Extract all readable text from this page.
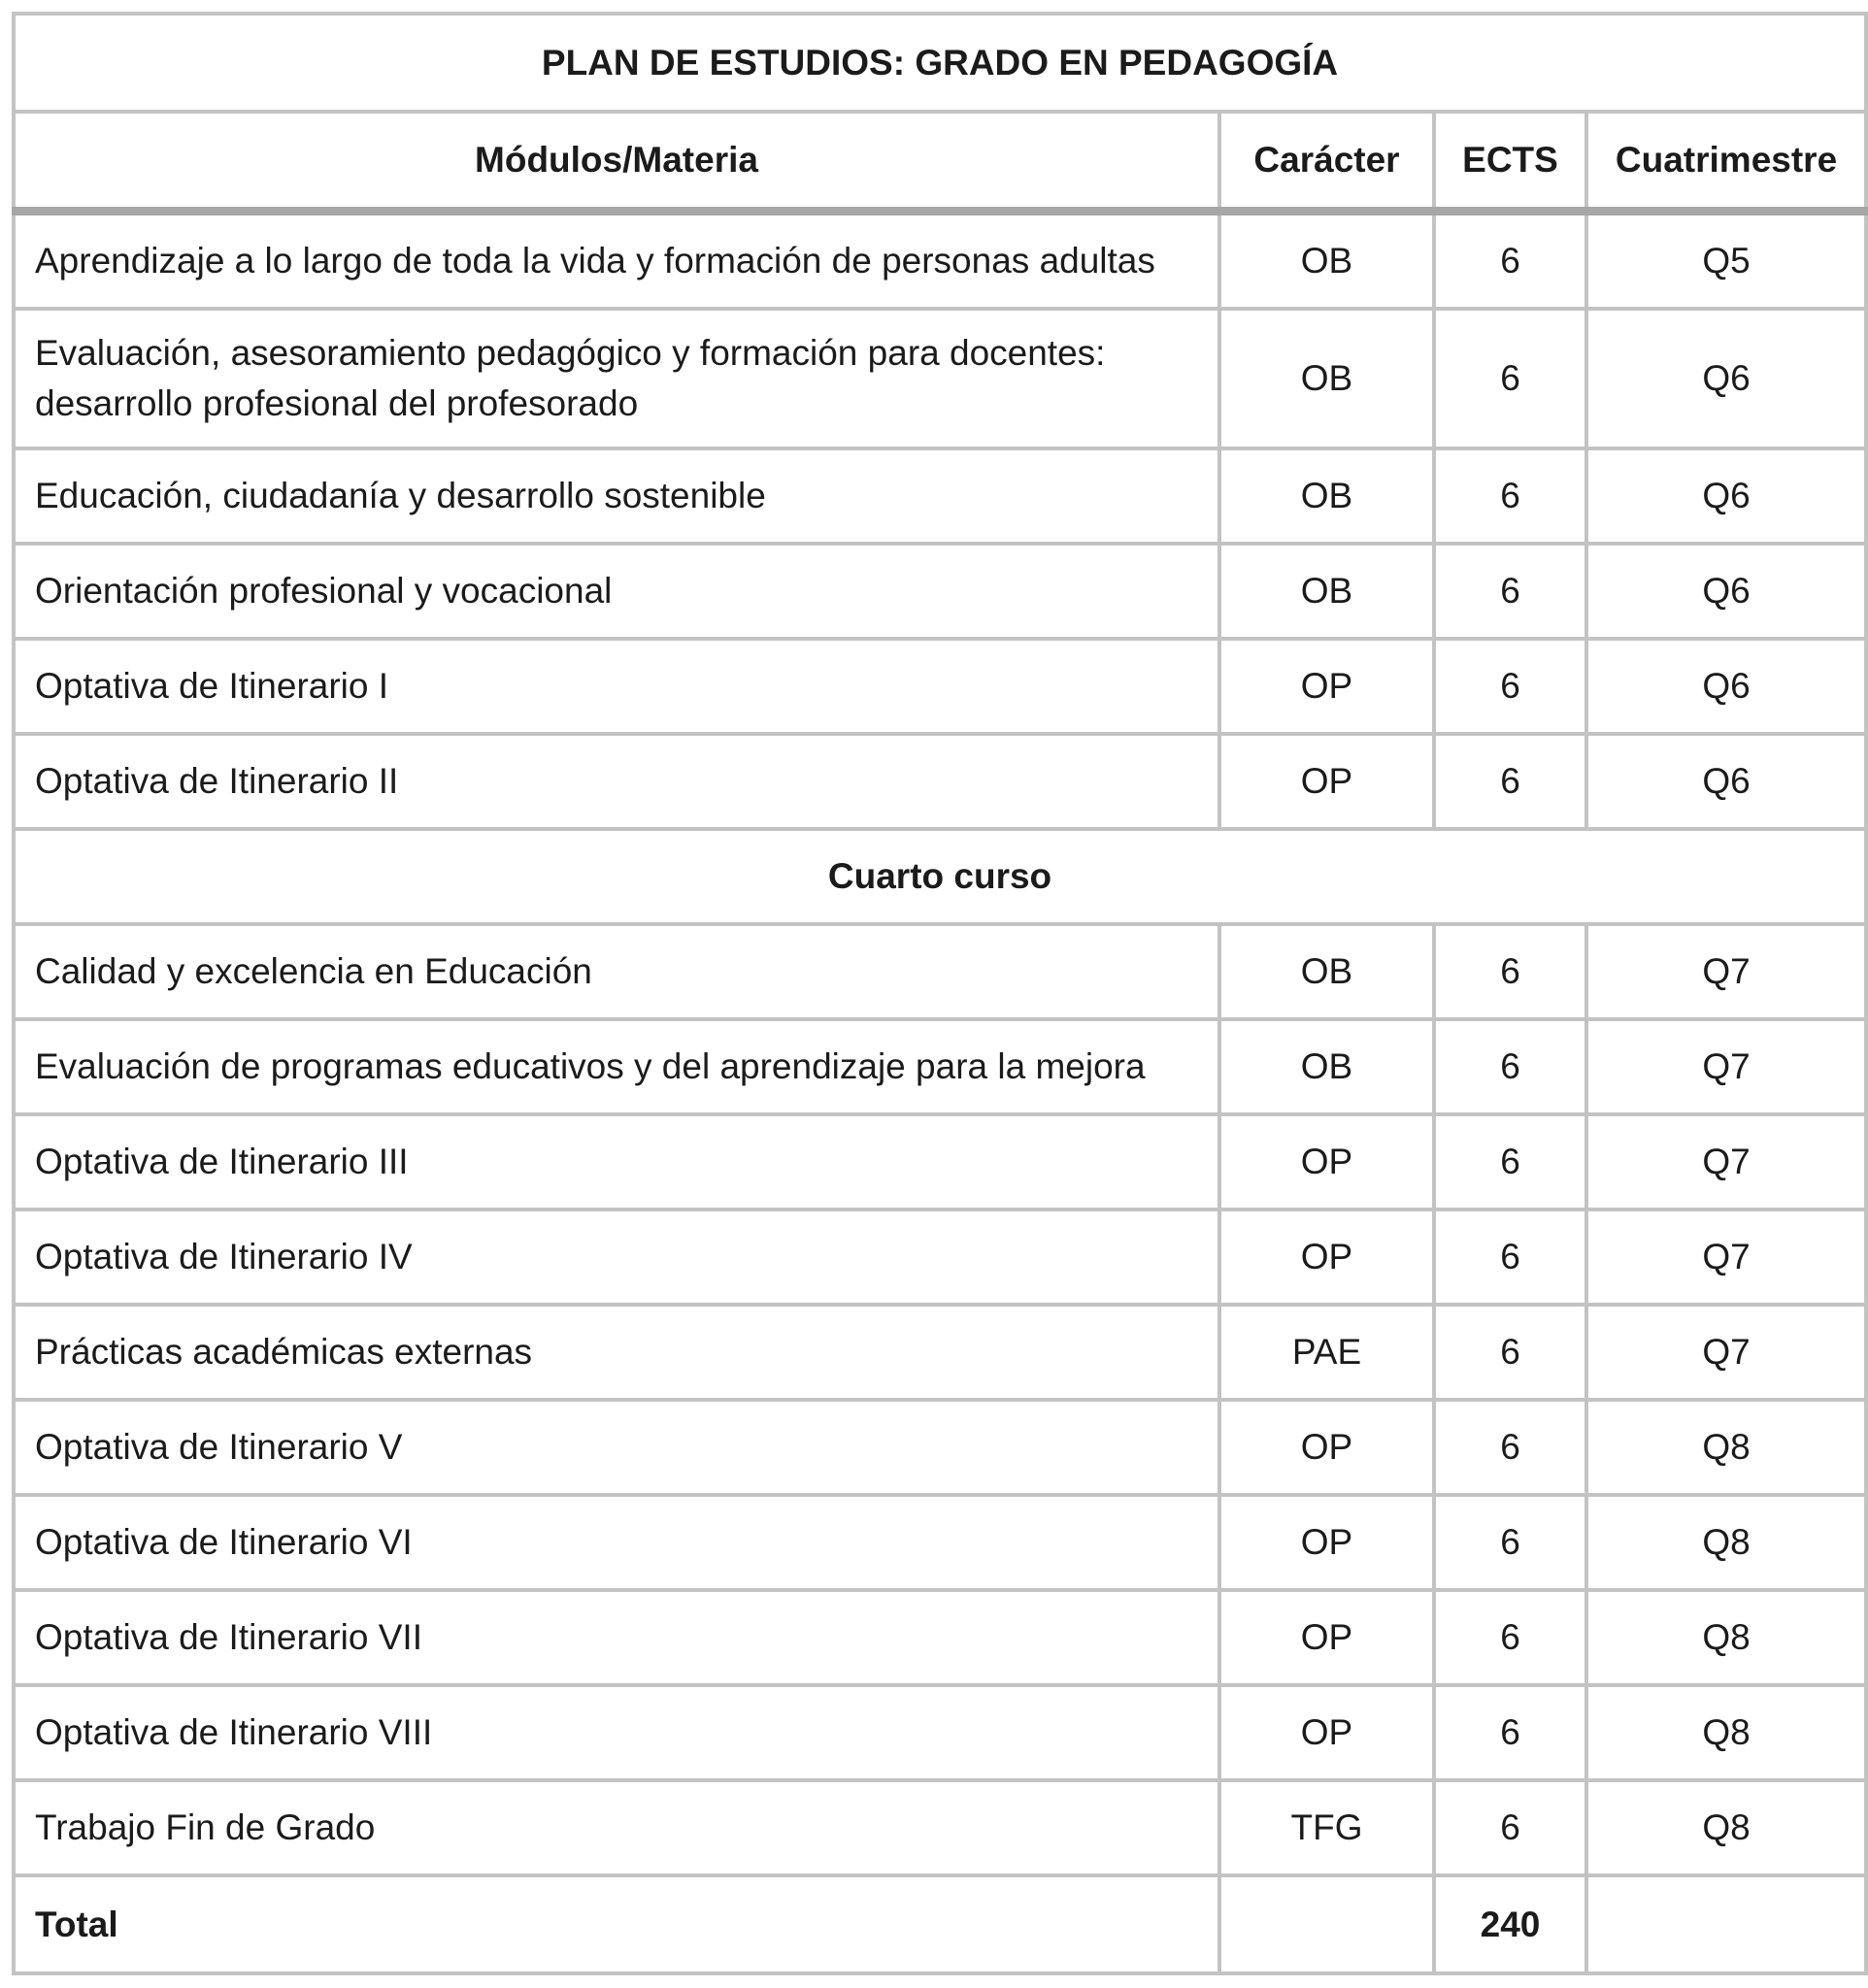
PLAN DE ESTUDIOS: GRADO EN PEDAGOGÍA			
Módulos/Materia	Carácter	ECTS	Cuatrimestre
Aprendizaje a lo largo de toda la vida y formación de personas adultas	OB	6	Q5
Evaluación, asesoramiento pedagógico y formación para docentes: desarrollo profesional del profesorado	OB	6	Q6
Educación, ciudadanía y desarrollo sostenible	OB	6	Q6
Orientación profesional y vocacional	OB	6	Q6
Optativa de Itinerario I	OP	6	Q6
Optativa de Itinerario II	OP	6	Q6
Cuarto curso			
Calidad y excelencia en Educación	OB	6	Q7
Evaluación de programas educativos y del aprendizaje para la mejora	OB	6	Q7
Optativa de Itinerario III	OP	6	Q7
Optativa de Itinerario IV	OP	6	Q7
Prácticas académicas externas	PAE	6	Q7
Optativa de Itinerario V	OP	6	Q8
Optativa de Itinerario VI	OP	6	Q8
Optativa de Itinerario VII	OP	6	Q8
Optativa de Itinerario VIII	OP	6	Q8
Trabajo Fin de Grado	TFG	6	Q8
Total		240	
